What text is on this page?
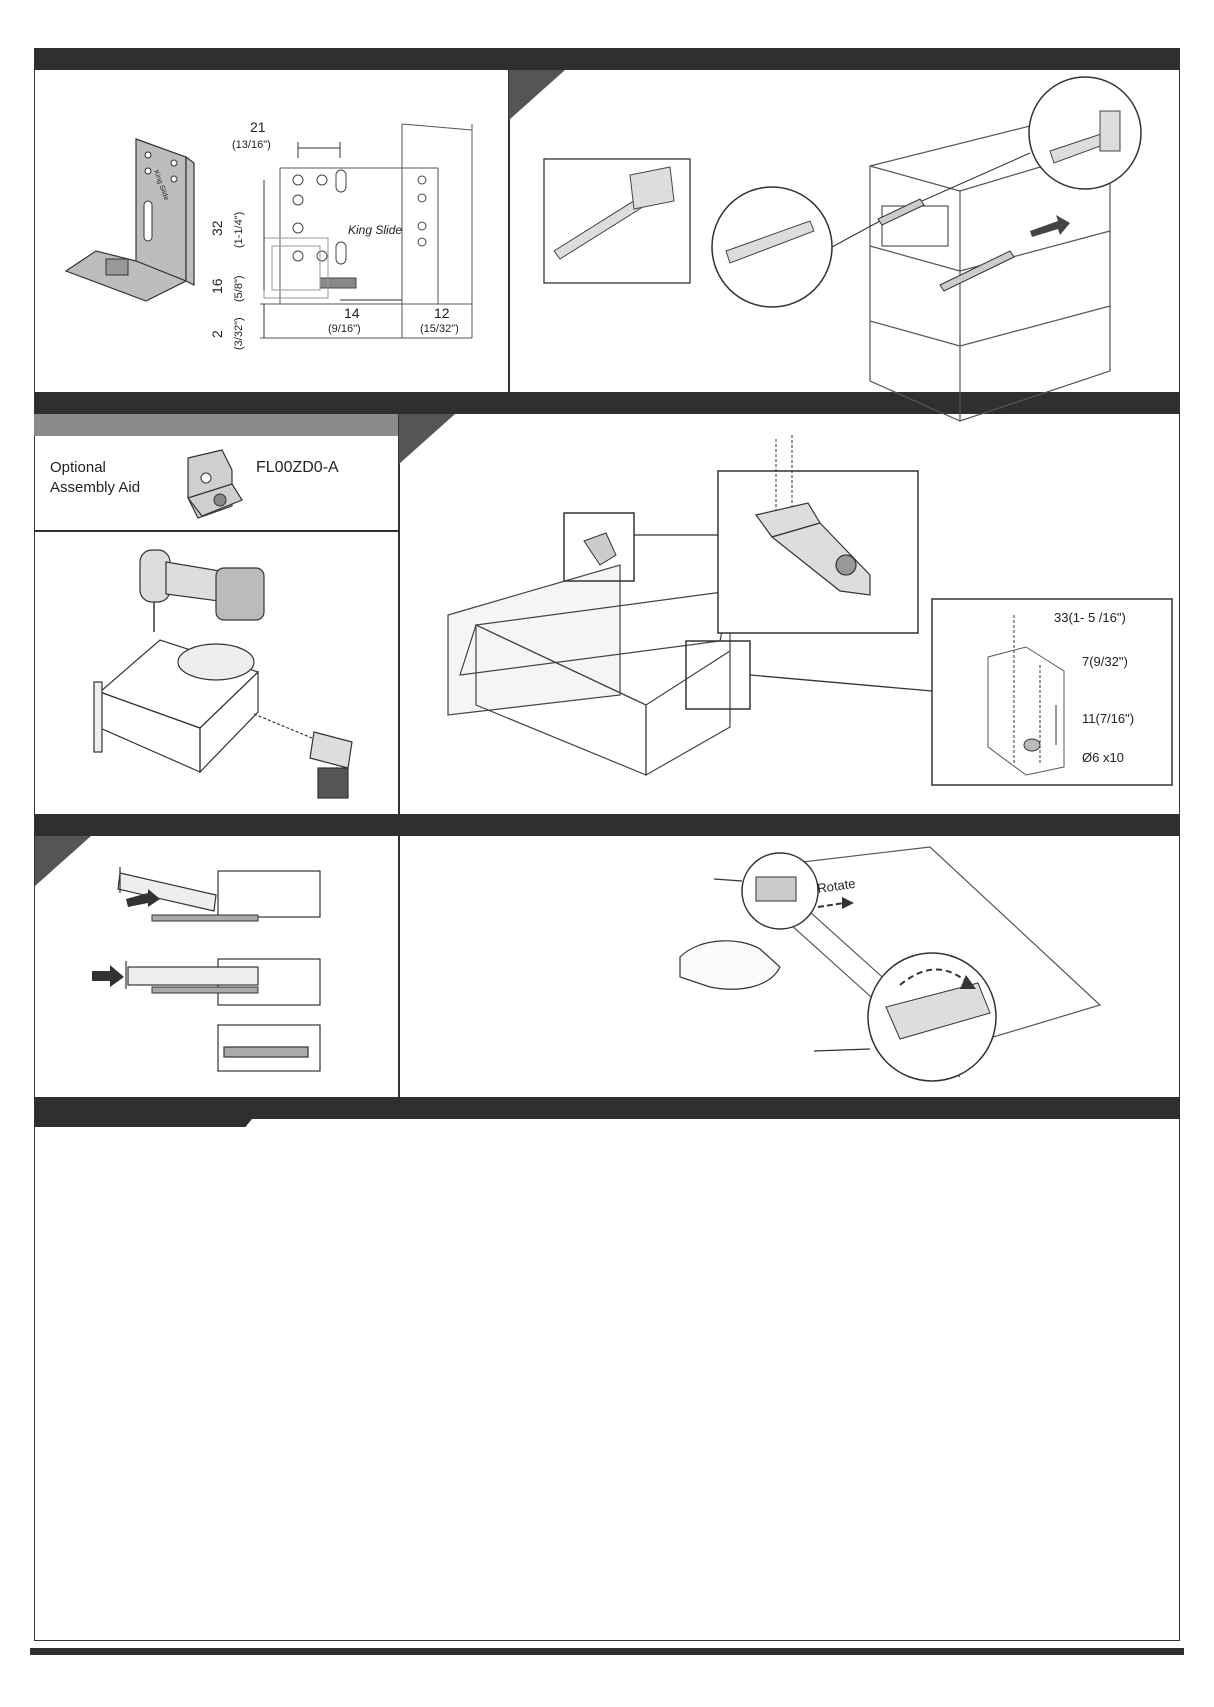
King Slide
King Slide
21
(13/16")
32 (1-1/4")
16 (5/8")
2 (3/32")
14
(9/16")
12
(15/32")
Optional
Assembly Aid
FL00ZD0-A
33(1- 5 /16")
7(9/32")
11(7/16")
Ø6 x10
Rotate
